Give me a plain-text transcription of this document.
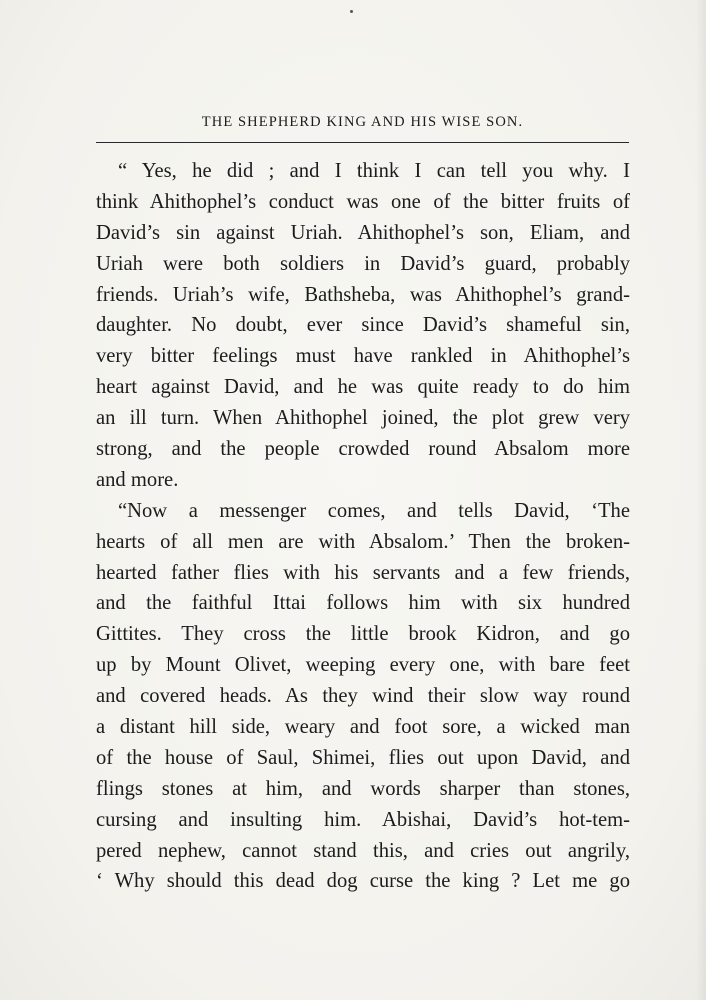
THE SHEPHERD KING AND HIS WISE SON.
“ Yes, he did ; and I think I can tell you why. I
think Ahithophel’s conduct was one of the bitter fruits of
David’s sin against Uriah. Ahithophel’s son, Eliam, and
Uriah were both soldiers in David’s guard, probably
friends. Uriah’s wife, Bathsheba, was Ahithophel’s grand-
daughter. No doubt, ever since David’s shameful sin,
very bitter feelings must have rankled in Ahithophel’s
heart against David, and he was quite ready to do him
an ill turn. When Ahithophel joined, the plot grew very
strong, and the people crowded round Absalom more
and more.
“Now a messenger comes, and tells David, ‘The
hearts of all men are with Absalom.’ Then the broken-
hearted father flies with his servants and a few friends,
and the faithful Ittai follows him with six hundred
Gittites. They cross the little brook Kidron, and go
up by Mount Olivet, weeping every one, with bare feet
and covered heads. As they wind their slow way round
a distant hill side, weary and foot sore, a wicked man
of the house of Saul, Shimei, flies out upon David, and
flings stones at him, and words sharper than stones,
cursing and insulting him. Abishai, David’s hot-tem-
pered nephew, cannot stand this, and cries out angrily,
‘ Why should this dead dog curse the king ? Let me go
